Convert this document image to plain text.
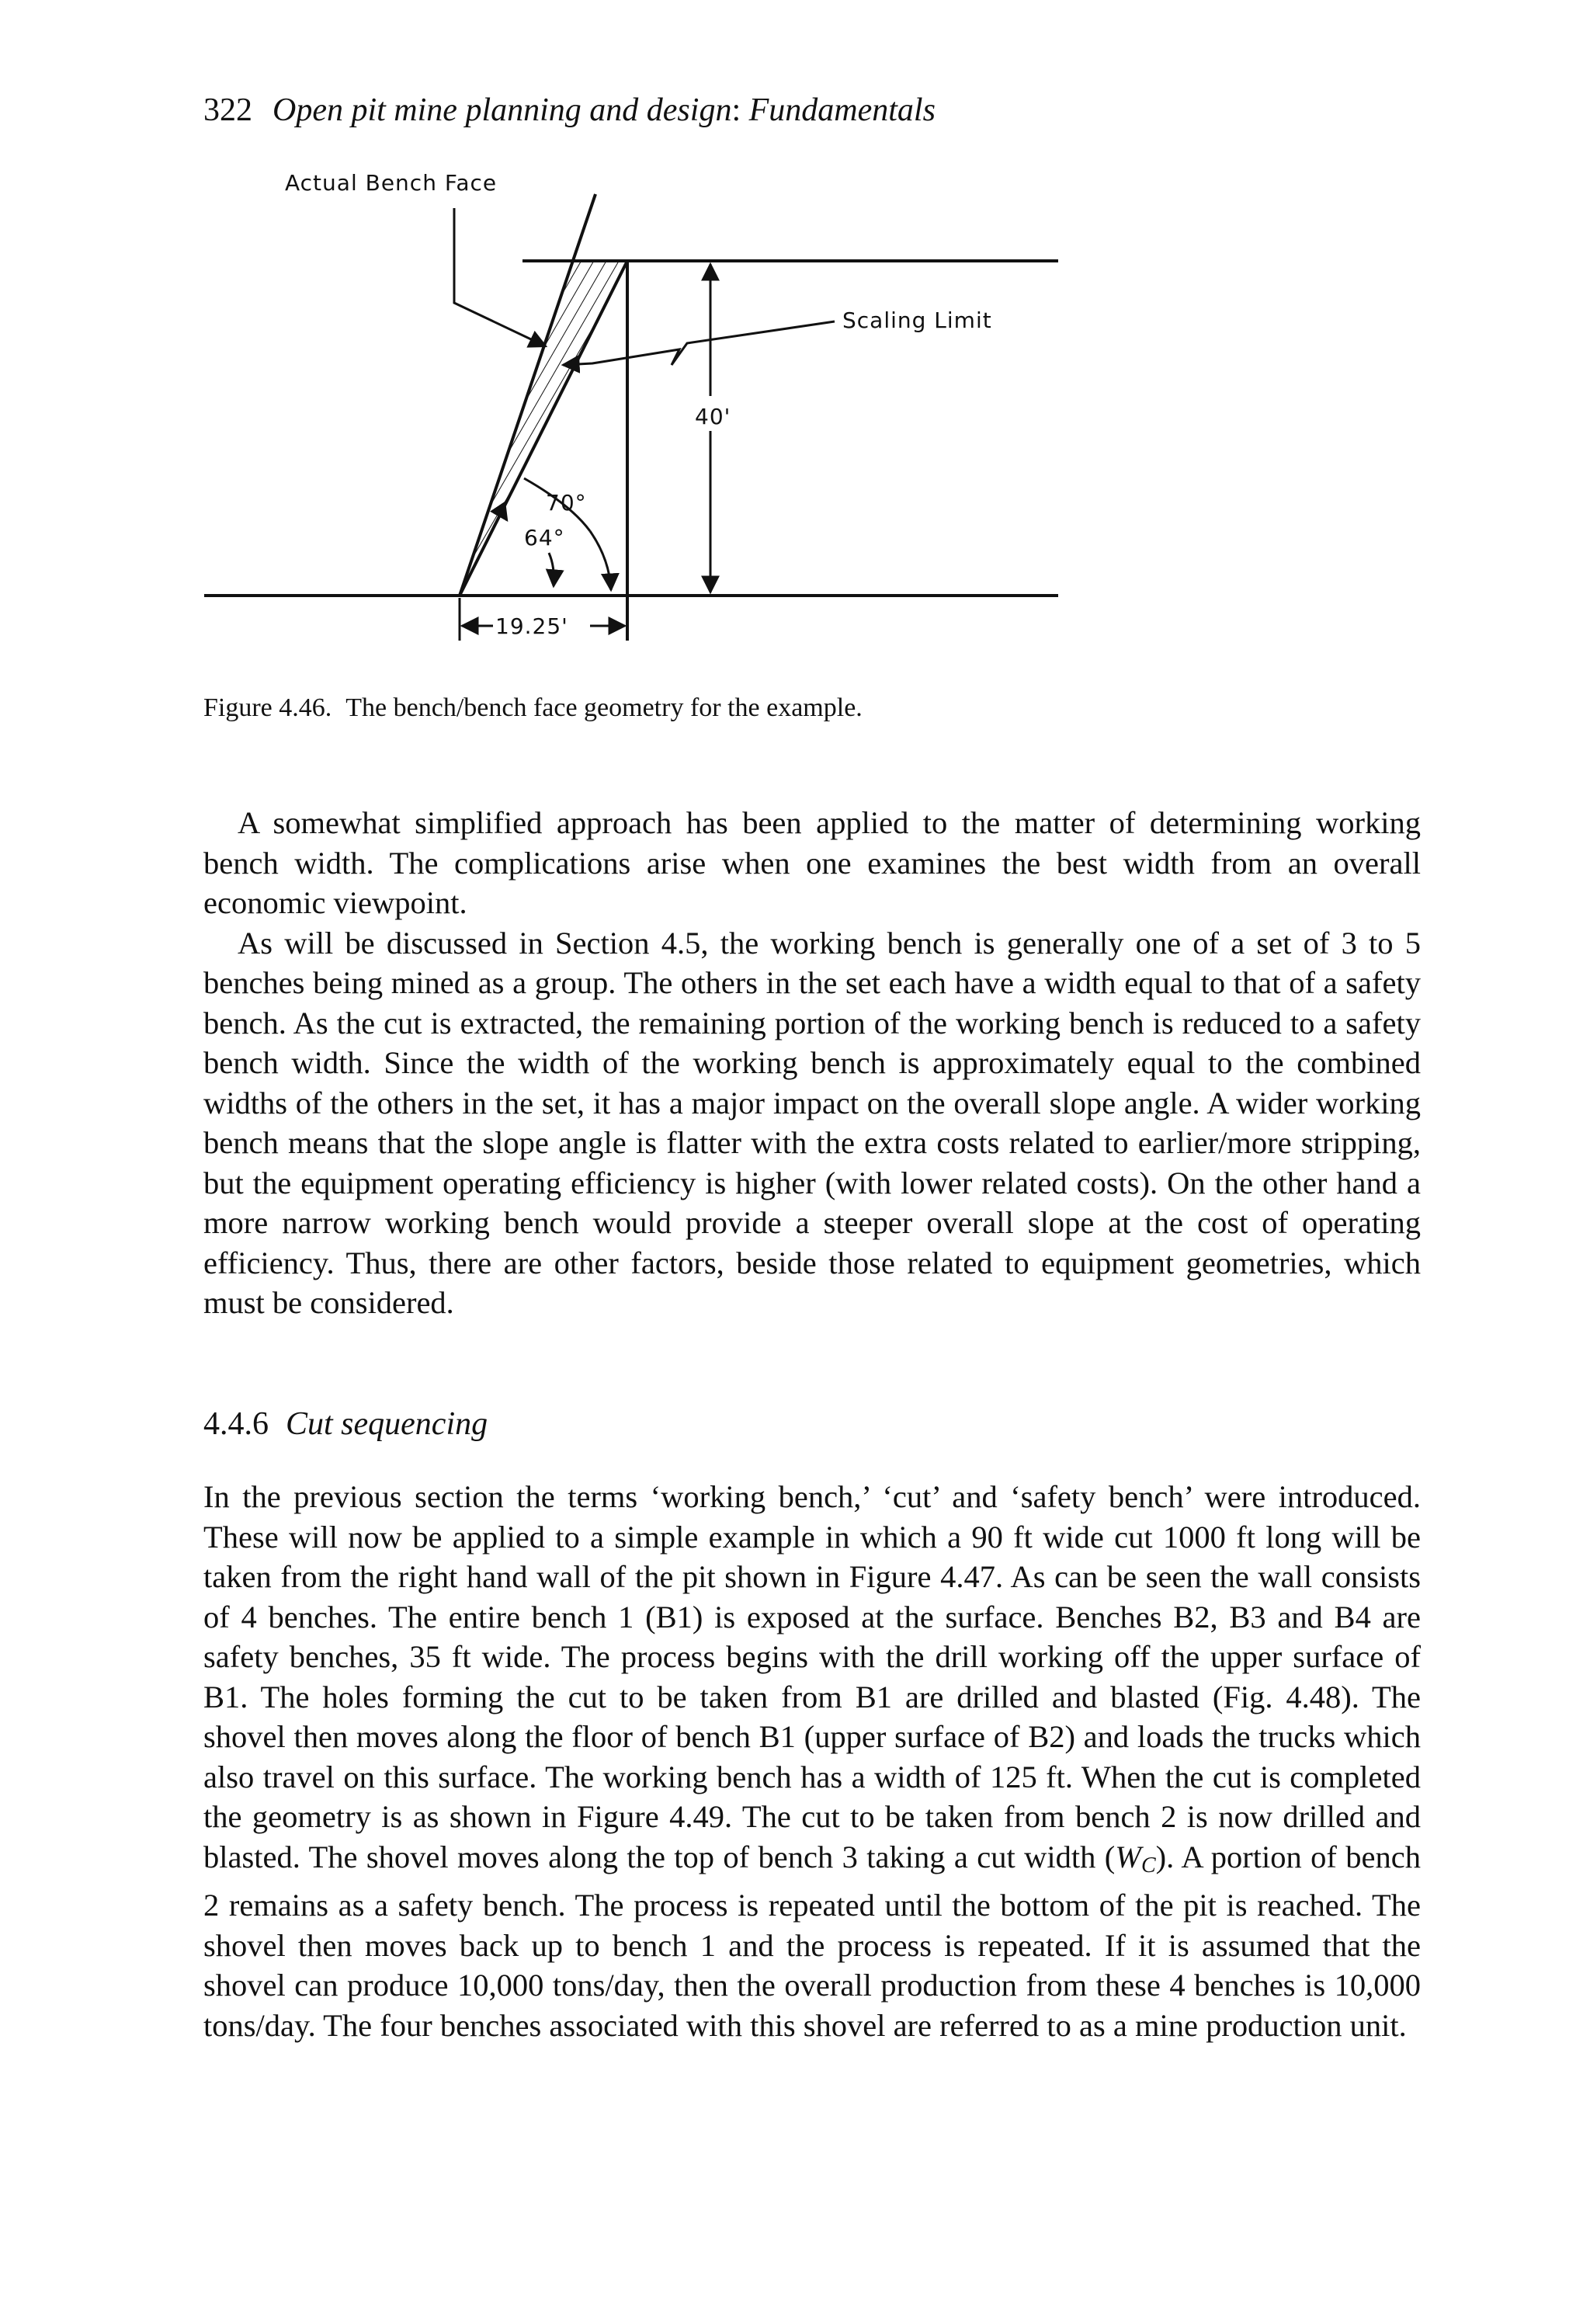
322 Open pit mine planning and design: Fundamentals
Actual Bench Face
Scaling Limit
40'
70°
64°
19.25'
Figure 4.46. The bench/bench face geometry for the example.

A somewhat simplified approach has been applied to the matter of determining working bench width. The complications arise when one examines the best width from an overall economic viewpoint.

As will be discussed in Section 4.5, the working bench is generally one of a set of 3 to 5 benches being mined as a group. The others in the set each have a width equal to that of a safety bench. As the cut is extracted, the remaining portion of the working bench is reduced to a safety bench width. Since the width of the working bench is approximately equal to the combined widths of the others in the set, it has a major impact on the overall slope angle. A wider working bench means that the slope angle is flatter with the extra costs related to earlier/more stripping, but the equipment operating efficiency is higher (with lower related costs). On the other hand a more narrow working bench would provide a steeper overall slope at the cost of operating efficiency. Thus, there are other factors, beside those related to equipment geometries, which must be considered.

4.4.6 Cut sequencing

In the previous section the terms ‘working bench,’ ‘cut’ and ‘safety bench’ were introduced. These will now be applied to a simple example in which a 90 ft wide cut 1000 ft long will be taken from the right hand wall of the pit shown in Figure 4.47. As can be seen the wall consists of 4 benches. The entire bench 1 (B1) is exposed at the surface. Benches B2, B3 and B4 are safety benches, 35 ft wide. The process begins with the drill working off the upper surface of B1. The holes forming the cut to be taken from B1 are drilled and blasted (Fig. 4.48). The shovel then moves along the floor of bench B1 (upper surface of B2) and loads the trucks which also travel on this surface. The working bench has a width of 125 ft. When the cut is completed the geometry is as shown in Figure 4.49. The cut to be taken from bench 2 is now drilled and blasted. The shovel moves along the top of bench 3 taking a cut width (WC). A portion of bench 2 remains as a safety bench. The process is repeated until the bottom of the pit is reached. The shovel then moves back up to bench 1 and the process is repeated. If it is assumed that the shovel can produce 10,000 tons/day, then the overall production from these 4 benches is 10,000 tons/day. The four benches associated with this shovel are referred to as a mine production unit.
